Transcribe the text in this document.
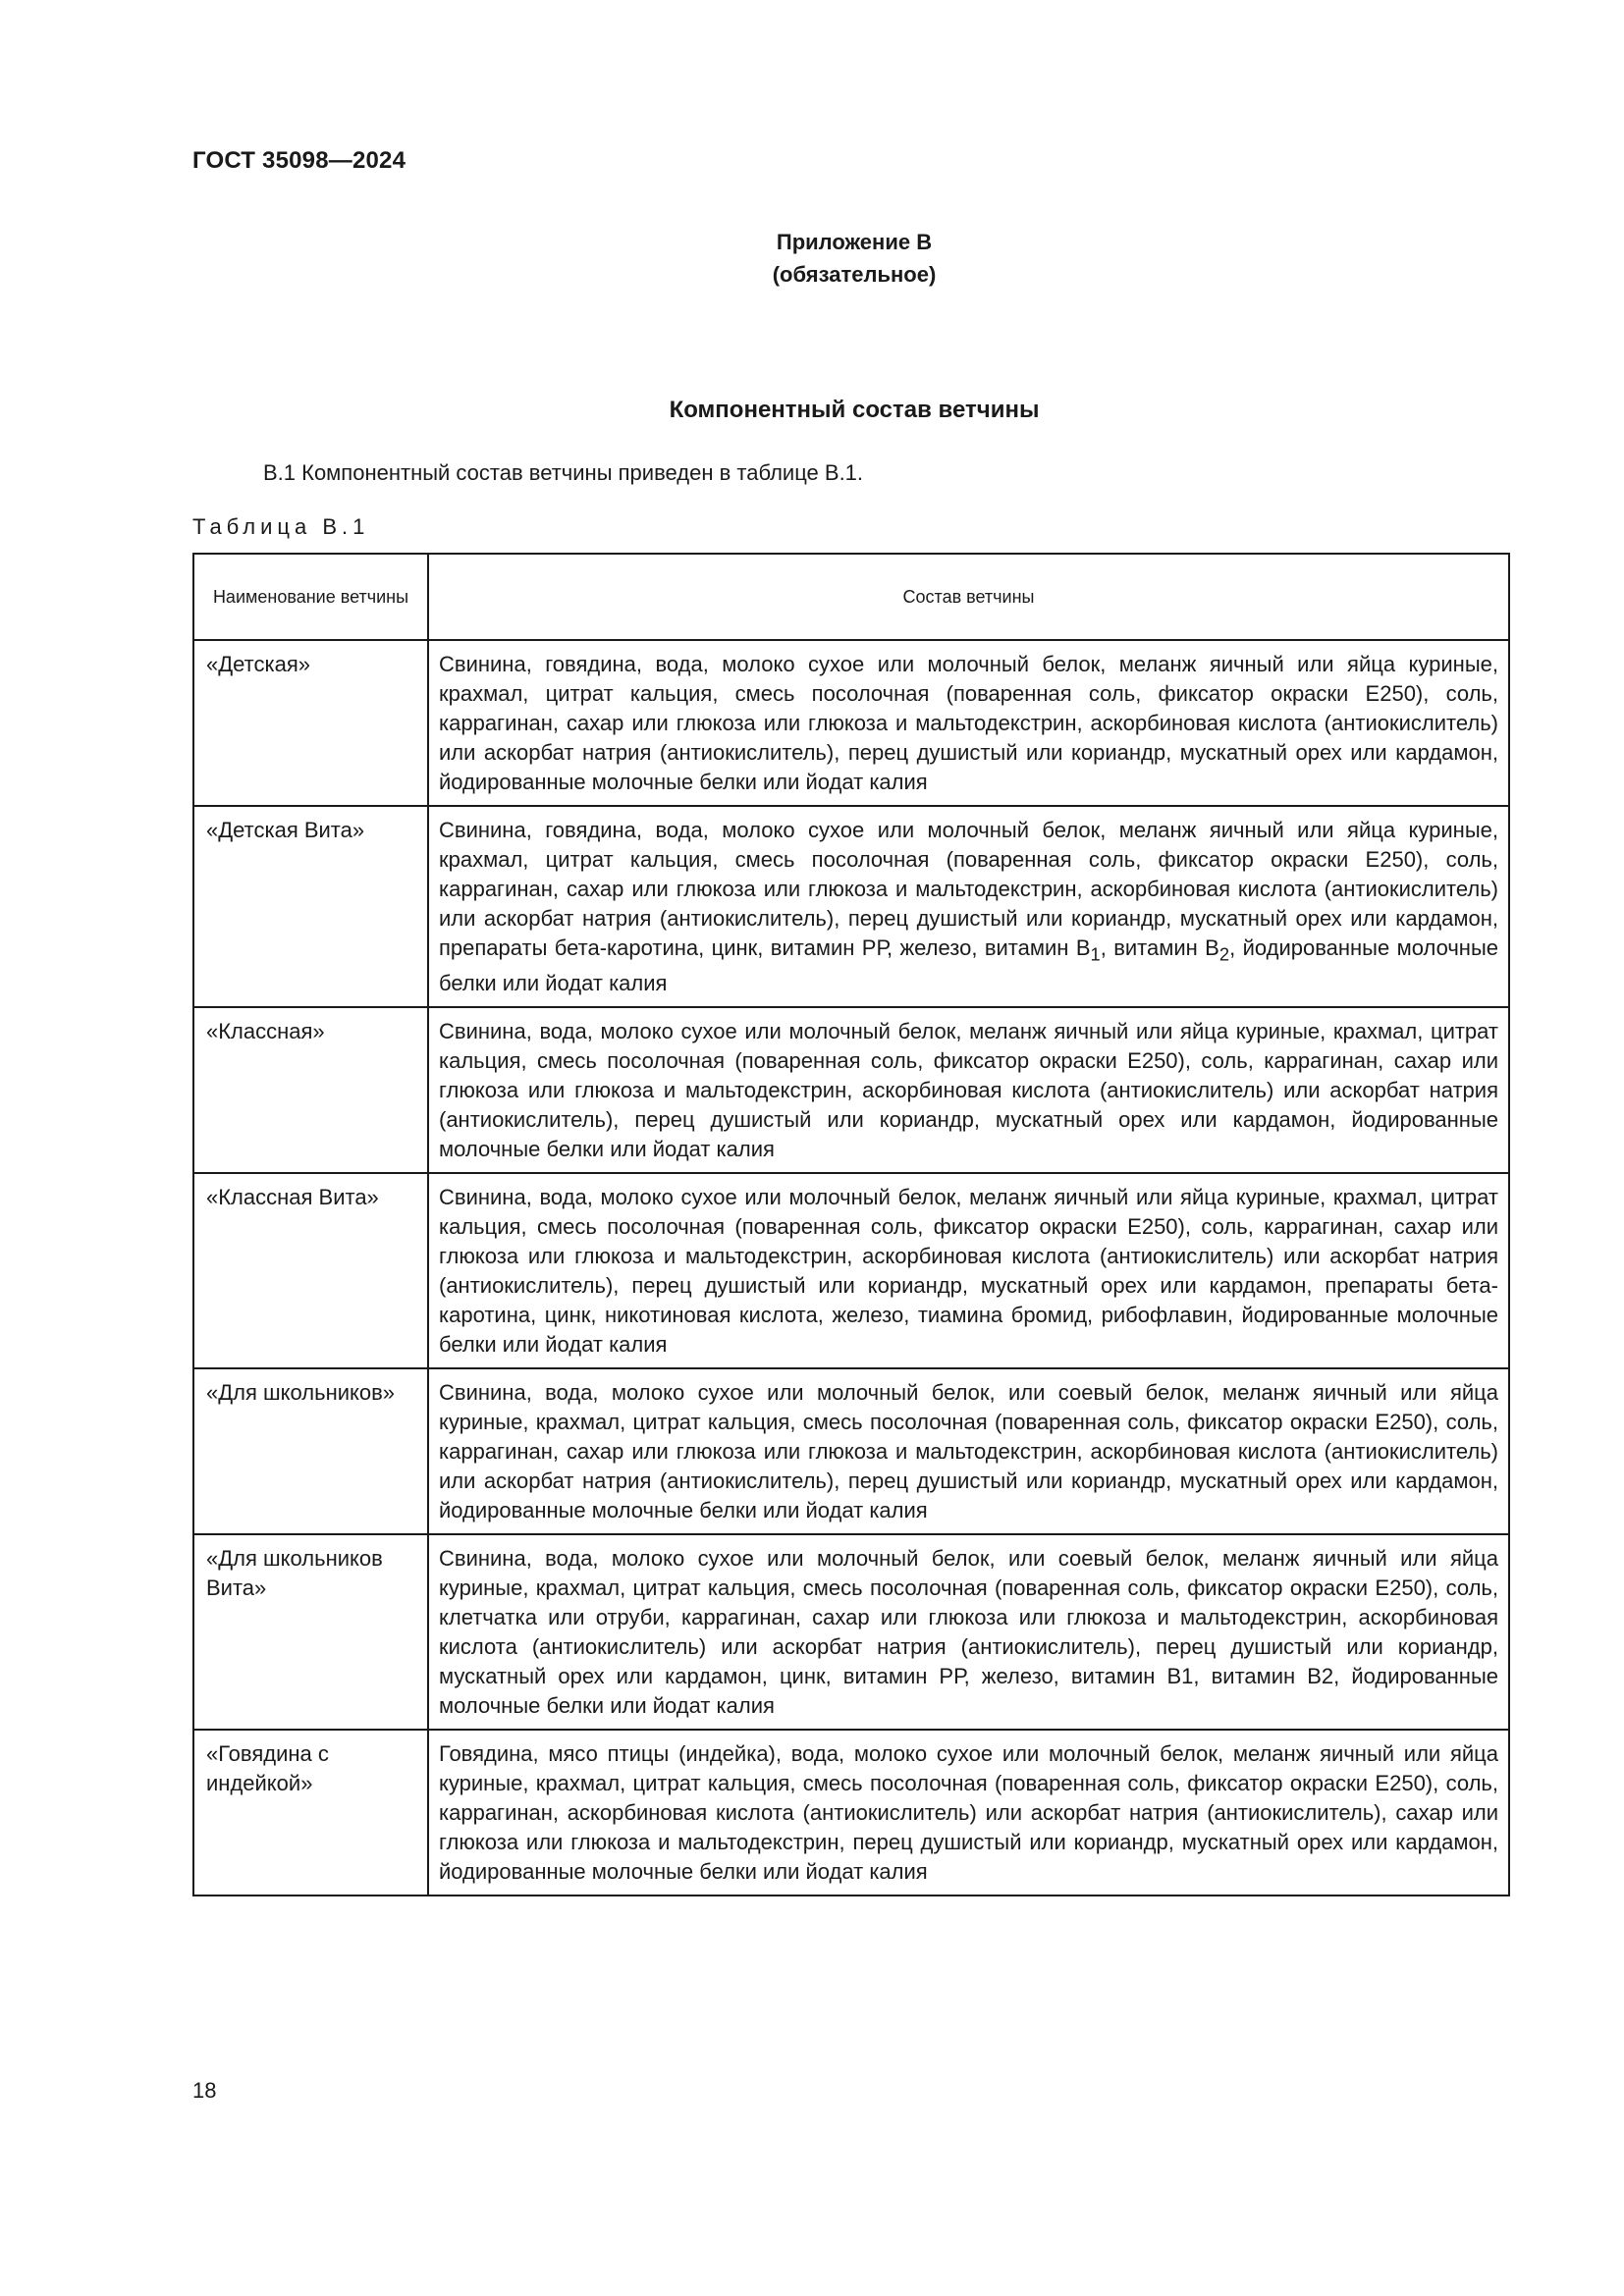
ГОСТ 35098—2024
Приложение В
(обязательное)
Компонентный состав ветчины
В.1 Компонентный состав ветчины приведен в таблице В.1.
Таблица В.1
Наименование ветчины	Состав ветчины
«Детская»	Свинина, говядина, вода, молоко сухое или молочный белок, меланж яичный или яйца куриные, крахмал, цитрат кальция, смесь посолочная (поваренная соль, фиксатор окраски Е250), соль, каррагинан, сахар или глюкоза или глюкоза и мальтодекстрин, аскорбиновая кислота (антиокислитель) или аскорбат натрия (антиокислитель), перец душистый или кориандр, мускатный орех или кардамон, йодированные молочные белки или йодат калия
«Детская Вита»	Свинина, говядина, вода, молоко сухое или молочный белок, меланж яичный или яйца куриные, крахмал, цитрат кальция, смесь посолочная (поваренная соль, фиксатор окраски Е250), соль, каррагинан, сахар или глюкоза или глюкоза и мальтодекстрин, аскорбиновая кислота (антиокислитель) или аскорбат натрия (антиокислитель), перец душистый или кориандр, мускатный орех или кардамон, препараты бета-каротина, цинк, витамин РР, железо, витамин $В_1$, витамин $В_2$, йодированные молочные белки или йодат калия
«Классная»	Свинина, вода, молоко сухое или молочный белок, меланж яичный или яйца куриные, крахмал, цитрат кальция, смесь посолочная (поваренная соль, фиксатор окраски Е250), соль, каррагинан, сахар или глюкоза или глюкоза и мальтодекстрин, аскорбиновая кислота (антиокислитель) или аскорбат натрия (антиокислитель), перец душистый или кориандр, мускатный орех или кардамон, йодированные молочные белки или йодат калия
«Классная Вита»	Свинина, вода, молоко сухое или молочный белок, меланж яичный или яйца куриные, крахмал, цитрат кальция, смесь посолочная (поваренная соль, фиксатор окраски Е250), соль, каррагинан, сахар или глюкоза или глюкоза и мальтодекстрин, аскорбиновая кислота (антиокислитель) или аскорбат натрия (антиокислитель), перец душистый или кориандр, мускатный орех или кардамон, препараты бета-каротина, цинк, никотиновая кислота, железо, тиамина бромид, рибофлавин, йодированные молочные белки или йодат калия
«Для школьников»	Свинина, вода, молоко сухое или молочный белок, или соевый белок, меланж яичный или яйца куриные, крахмал, цитрат кальция, смесь посолочная (поваренная соль, фиксатор окраски Е250), соль, каррагинан, сахар или глюкоза или глюкоза и мальтодекстрин, аскорбиновая кислота (антиокислитель) или аскорбат натрия (антиокислитель), перец душистый или кориандр, мускатный орех или кардамон, йодированные молочные белки или йодат калия
«Для школьников Вита»	Свинина, вода, молоко сухое или молочный белок, или соевый белок, меланж яичный или яйца куриные, крахмал, цитрат кальция, смесь посолочная (поваренная соль, фиксатор окраски Е250), соль, клетчатка или отруби, каррагинан, сахар или глюкоза или глюкоза и мальтодекстрин, аскорбиновая кислота (антиокислитель) или аскорбат натрия (антиокислитель), перец душистый или кориандр, мускатный орех или кардамон, цинк, витамин РР, железо, витамин В1, витамин В2, йодированные молочные белки или йодат калия
«Говядина с индейкой»	Говядина, мясо птицы (индейка), вода, молоко сухое или молочный белок, меланж яичный или яйца куриные, крахмал, цитрат кальция, смесь посолочная (поваренная соль, фиксатор окраски Е250), соль, каррагинан, аскорбиновая кислота (антиокислитель) или аскорбат натрия (антиокислитель), сахар или глюкоза или глюкоза и мальтодекстрин, перец душистый или кориандр, мускатный орех или кардамон, йодированные молочные белки или йодат калия
18
